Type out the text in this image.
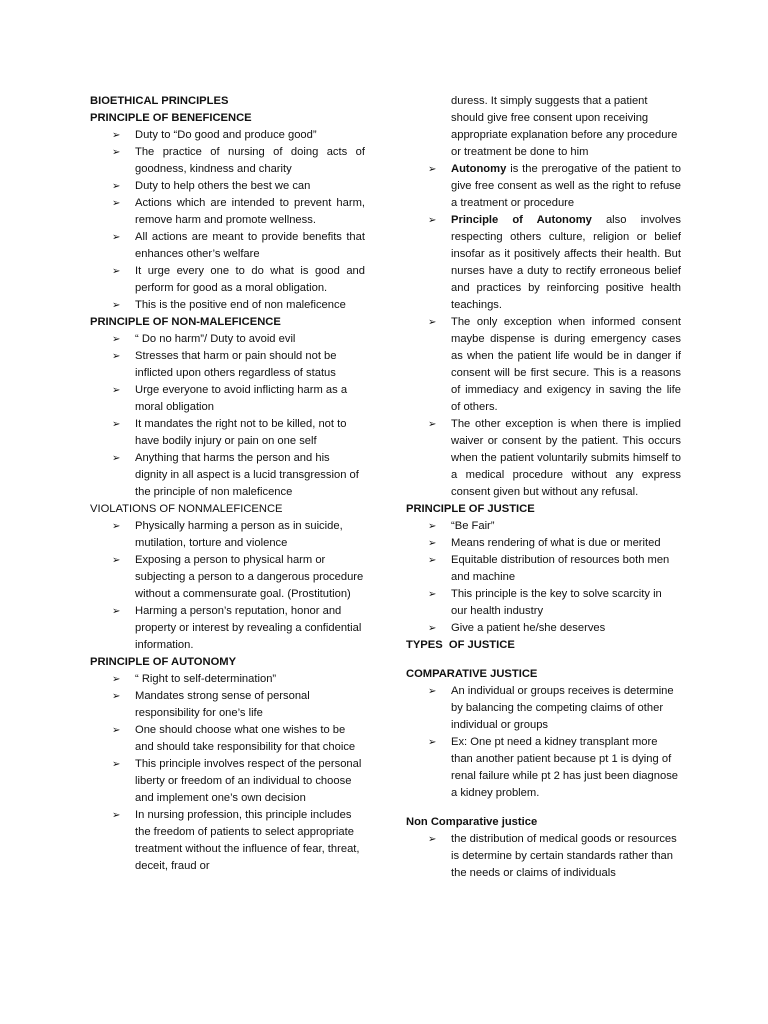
BIOETHICAL PRINCIPLES
PRINCIPLE OF BENEFICENCE
➢ Duty to “Do good and produce good”
➢ The practice of nursing of doing acts of goodness, kindness and charity
➢ Duty to help others the best we can
➢ Actions which are intended to prevent harm, remove harm and promote wellness.
➢ All actions are meant to provide benefits that enhances other’s welfare
➢ It urge every one to do what is good and perform for good as a moral obligation.
➢ This is the positive end of non maleficence
PRINCIPLE OF NON-MALEFICENCE
➢ “ Do no harm”/ Duty to avoid evil
➢ Stresses that harm or pain should not be inflicted upon others regardless of status
➢ Urge everyone to avoid inflicting harm as a moral obligation
➢ It mandates the right not to be killed, not to have bodily injury or pain on one self
➢ Anything that harms the person and his dignity in all aspect is a lucid transgression of the principle of non maleficence
VIOLATIONS OF NONMALEFICENCE
➢ Physically harming a person as in suicide, mutilation, torture and violence
➢ Exposing a person to physical harm or subjecting a person to a dangerous procedure without a commensurate goal. (Prostitution)
➢ Harming a person’s reputation, honor and property or interest by revealing a confidential information.
PRINCIPLE OF AUTONOMY
➢ “ Right to self-determination”
➢ Mandates strong sense of personal responsibility for one’s life
➢ One should choose what one wishes to be and should take responsibility for that choice
➢ This principle involves respect of the personal liberty or freedom of an individual to choose and implement one’s own decision
➢ In nursing profession, this principle includes the freedom of patients to select appropriate treatment without the influence of fear, threat, deceit, fraud or
duress. It simply suggests that a patient should give free consent upon receiving appropriate explanation before any procedure or treatment be done to him
➢ Autonomy is the prerogative of the patient to give free consent as well as the right to refuse a treatment or procedure
➢ Principle of Autonomy also involves respecting others culture, religion or belief insofar as it positively affects their health. But nurses have a duty to rectify erroneous belief and practices by reinforcing positive health teachings.
➢ The only exception when informed consent maybe dispense is during emergency cases as when the patient life would be in danger if consent will be first secure. This is a reasons of immediacy and exigency in saving the life of others.
➢ The other exception is when there is implied waiver or consent by the patient. This occurs when the patient voluntarily submits himself to a medical procedure without any express consent given but without any refusal.
PRINCIPLE OF JUSTICE
➢ “Be Fair”
➢ Means rendering of what is due or merited
➢ Equitable distribution of resources both men and machine
➢ This principle is the key to solve scarcity in our health industry
➢ Give a patient he/she deserves
TYPES  OF JUSTICE
COMPARATIVE JUSTICE
➢ An individual or groups receives is determine by balancing the competing claims of other individual or groups
➢ Ex: One pt need a kidney transplant more than another patient because pt 1 is dying of renal failure while pt 2 has just been diagnose a kidney problem.
Non Comparative justice
➢ the distribution of medical goods or resources is determine by certain standards rather than the needs or claims of individuals
